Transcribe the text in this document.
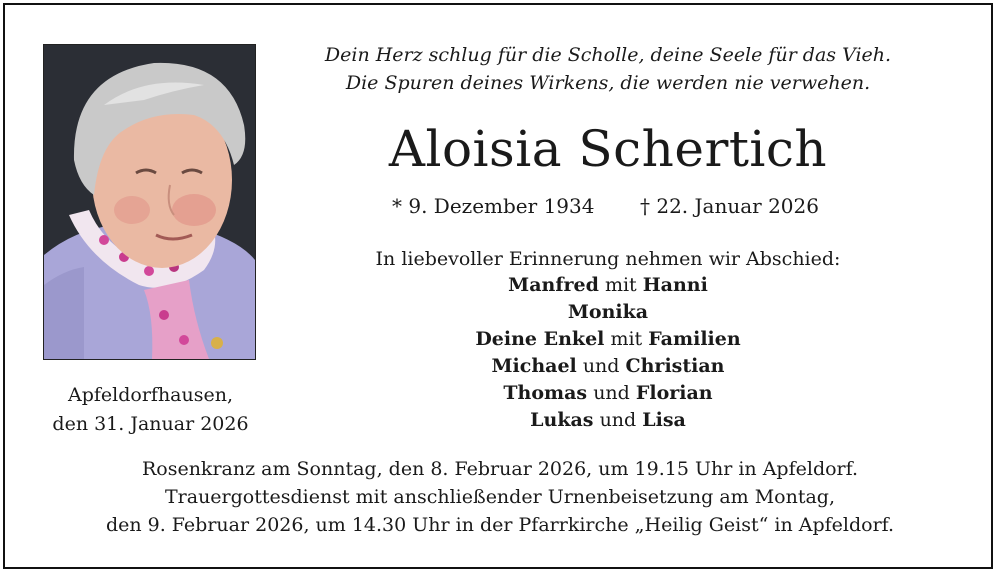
Apfeldorfhausen,
den 31. Januar 2026
Dein Herz schlug für die Scholle, deine Seele für das Vieh.
Die Spuren deines Wirkens, die werden nie verwehen.
Aloisia Schertich
* 9. Dezember 1934 † 22. Januar 2026
In liebevoller Erinnerung nehmen wir Abschied:
Manfred mit Hanni
Monika
Deine Enkel mit Familien
Michael und Christian
Thomas und Florian
Lukas und Lisa
Rosenkranz am Sonntag, den 8. Februar 2026, um 19.15 Uhr in Apfeldorf.
Trauergottesdienst mit anschließender Urnenbeisetzung am Montag,
den 9. Februar 2026, um 14.30 Uhr in der Pfarrkirche „Heilig Geist“ in Apfeldorf.
